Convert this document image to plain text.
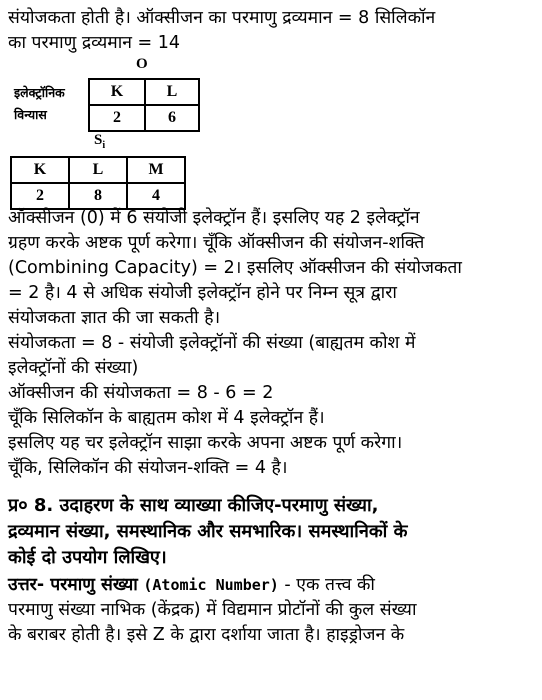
संयोजकता होती है। ऑक्सीजन का परमाणु द्रव्यमान = 8 सिलिकॉन
का परमाणु द्रव्यमान = 14
O
इलेक्ट्रॉनिक
विन्यास
K	L
2	6
$S_i$
K	L	M
2	8	4
ऑक्सीजन (0) में 6 संयोजी इलेक्ट्रॉन हैं। इसलिए यह 2 इलेक्ट्रॉन
ग्रहण करके अष्टक पूर्ण करेगा। चूँकि ऑक्सीजन की संयोजन-शक्ति
(Combining Capacity) = 2। इसलिए ऑक्सीजन की संयोजकता
= 2 है। 4 से अधिक संयोजी इलेक्ट्रॉन होने पर निम्न सूत्र द्वारा
संयोजकता ज्ञात की जा सकती है।
संयोजकता = 8 - संयोजी इलेक्ट्रॉनों की संख्या (बाह्यतम कोश में
इलेक्ट्रॉनों की संख्या)
ऑक्सीजन की संयोजकता = 8 - 6 = 2
चूँकि सिलिकॉन के बाह्यतम कोश में 4 इलेक्ट्रॉन हैं।
इसलिए यह चर इलेक्ट्रॉन साझा करके अपना अष्टक पूर्ण करेगा।
चूँकि, सिलिकॉन की संयोजन-शक्ति = 4 है।
प्र० 8. उदाहरण के साथ व्याख्या कीजिए-परमाणु संख्या,
द्रव्यमान संख्या, समस्थानिक और समभारिक। समस्थानिकों के
कोई दो उपयोग लिखिए।
उत्तर- परमाणु संख्या (Atomic Number) - एक तत्त्व की
परमाणु संख्या नाभिक (केंद्रक) में विद्यमान प्रोटॉनों की कुल संख्या
के बराबर होती है। इसे Z के द्वारा दर्शाया जाता है। हाइड्रोजन के
